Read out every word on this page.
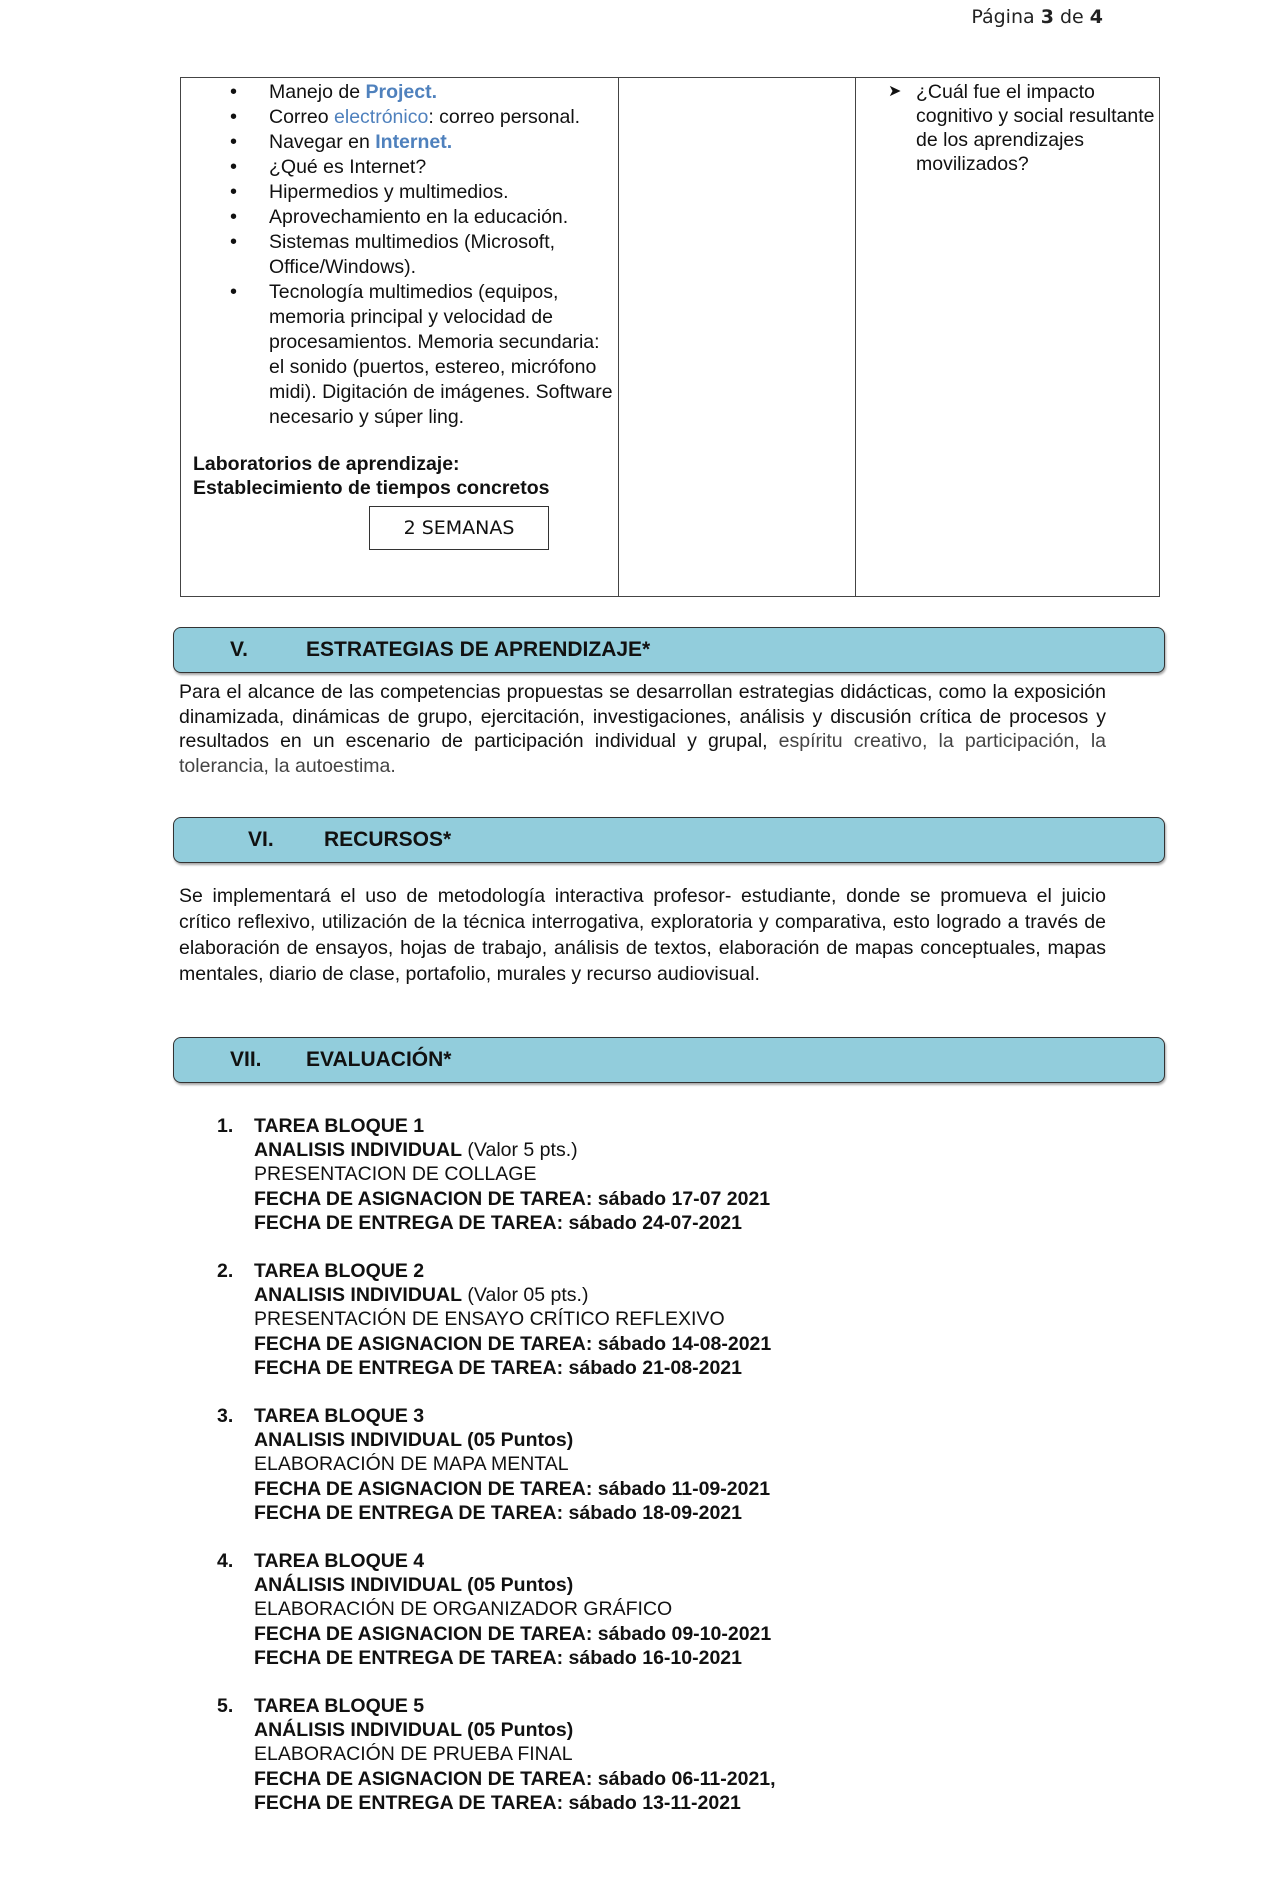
Página 3 de 4
• Manejo de Project.
• Correo electrónico: correo personal.
• Navegar en Internet.
• ¿Qué es Internet?
• Hipermedios y multimedios.
• Aprovechamiento en la educación.
• Sistemas multimedios (Microsoft, Office/Windows).
• Tecnología multimedios (equipos, memoria principal y velocidad de procesamientos. Memoria secundaria: el sonido (puertos, estereo, micrófono midi). Digitación de imágenes. Software necesario y súper ling.
Laboratorios de aprendizaje:
Establecimiento de tiempos concretos
2 SEMANAS

➤ ¿Cuál fue el impacto cognitivo y social resultante de los aprendizajes movilizados?
V.	ESTRATEGIAS DE APRENDIZAJE*

Para el alcance de las competencias propuestas se desarrollan estrategias didácticas, como la exposición dinamizada, dinámicas de grupo, ejercitación, investigaciones, análisis y discusión crítica de procesos y resultados en un escenario de participación individual y grupal, espíritu creativo, la participación, la tolerancia, la autoestima.

VI. RECURSOS*

Se implementará el uso de metodología interactiva profesor- estudiante, donde se promueva el juicio crítico reflexivo, utilización de la técnica interrogativa, exploratoria y comparativa, esto logrado a través de elaboración de ensayos, hojas de trabajo, análisis de textos, elaboración de mapas conceptuales, mapas mentales, diario de clase, portafolio, murales y recurso audiovisual.

VII. EVALUACIÓN*
1. TAREA BLOQUE 1
ANALISIS INDIVIDUAL (Valor 5 pts.)
PRESENTACION DE COLLAGE
FECHA DE ASIGNACION DE TAREA: sábado 17-07 2021
FECHA DE ENTREGA DE TAREA: sábado 24-07-2021
2. TAREA BLOQUE 2
ANALISIS INDIVIDUAL (Valor 05 pts.)
PRESENTACIÓN DE ENSAYO CRÍTICO REFLEXIVO
FECHA DE ASIGNACION DE TAREA: sábado 14-08-2021
FECHA DE ENTREGA DE TAREA: sábado 21-08-2021
3. TAREA BLOQUE 3
ANALISIS INDIVIDUAL (05 Puntos)
ELABORACIÓN DE MAPA MENTAL
FECHA DE ASIGNACION DE TAREA: sábado 11-09-2021
FECHA DE ENTREGA DE TAREA: sábado 18-09-2021
4. TAREA BLOQUE 4
ANÁLISIS INDIVIDUAL (05 Puntos)
ELABORACIÓN DE ORGANIZADOR GRÁFICO
FECHA DE ASIGNACION DE TAREA: sábado 09-10-2021
FECHA DE ENTREGA DE TAREA: sábado 16-10-2021
5. TAREA BLOQUE 5
ANÁLISIS INDIVIDUAL (05 Puntos)
ELABORACIÓN DE PRUEBA FINAL
FECHA DE ASIGNACION DE TAREA: sábado 06-11-2021,
FECHA DE ENTREGA DE TAREA: sábado 13-11-2021
